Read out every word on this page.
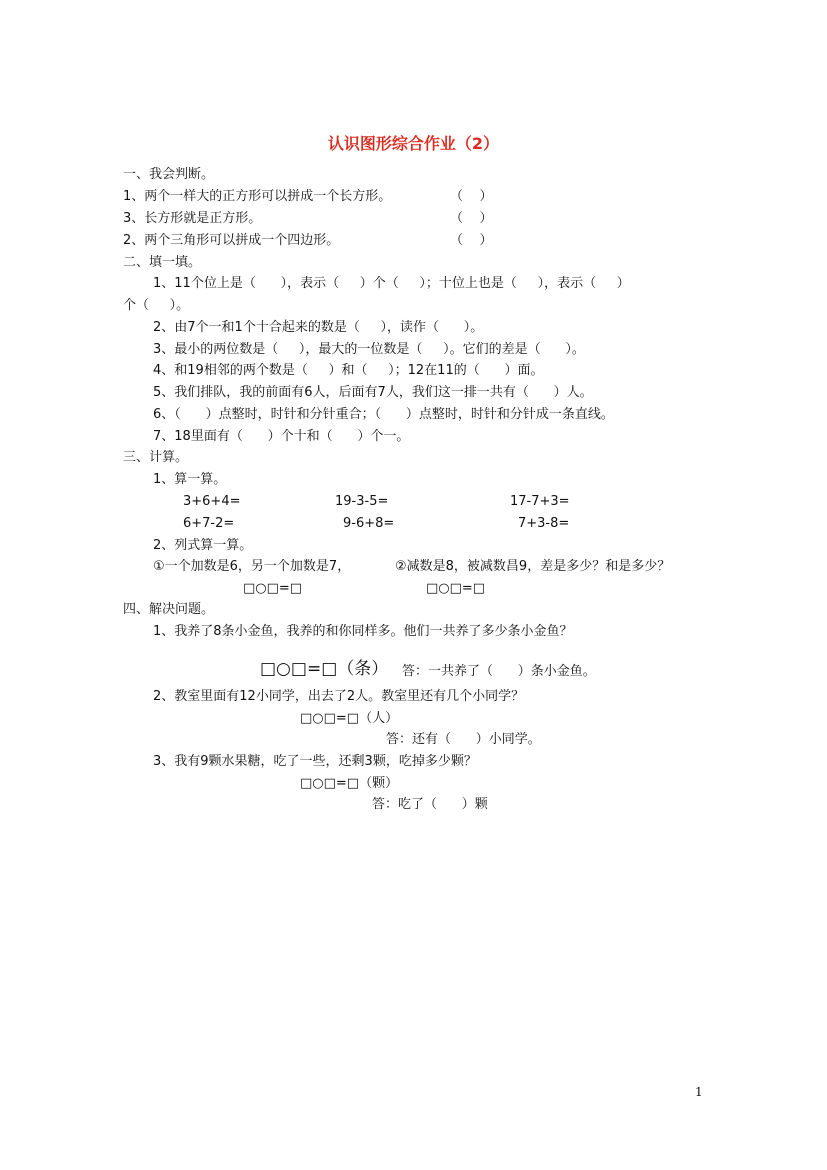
认识图形综合作业（2）
一、我会判断。
1、两个一样大的正方形可以拼成一个长方形。	（    ）
3、长方形就是正方形。	（    ）
2、两个三角形可以拼成一个四边形。	（    ）
二、填一填。
1、11个位上是（      ），表示（     ）个（     ）；十位上也是（     ），表示（     ）
个（     ）。
2、由7个一和1个十合起来的数是（     ），读作（      ）。
3、最小的两位数是（     ），最大的一位数是（     ）。它们的差是（      ）。
4、和19相邻的两个数是（     ）和（     ）；12在11的（      ）面。
5、我们排队，我的前面有6人，后面有7人，我们这一排一共有（      ）人。
6、（      ）点整时，时针和分针重合；（      ）点整时，时针和分针成一条直线。
7、18里面有（      ）个十和（      ）个一。
三、计算。
1、算一算。
3+6+4=	19-3-5=	17-7+3=
6+7-2=	9-6+8=	7+3-8=
2、列式算一算。
①一个加数是6，另一个加数是7，	②减数是8，被减数昌9，差是多少？和是多少？
□○□=□	□○□=□
四、解决问题。
1、我养了8条小金鱼，我养的和你同样多。他们一共养了多少条小金鱼？
□○□=□（条） 答：一共养了（      ）条小金鱼。
2、教室里面有12小同学，出去了2人。教室里还有几个小同学？
□○□=□（人）
答：还有（      ）小同学。
3、我有9颗水果糖，吃了一些，还剩3颗，吃掉多少颗？
□○□=□（颗）
答：吃了（      ）颗
1
